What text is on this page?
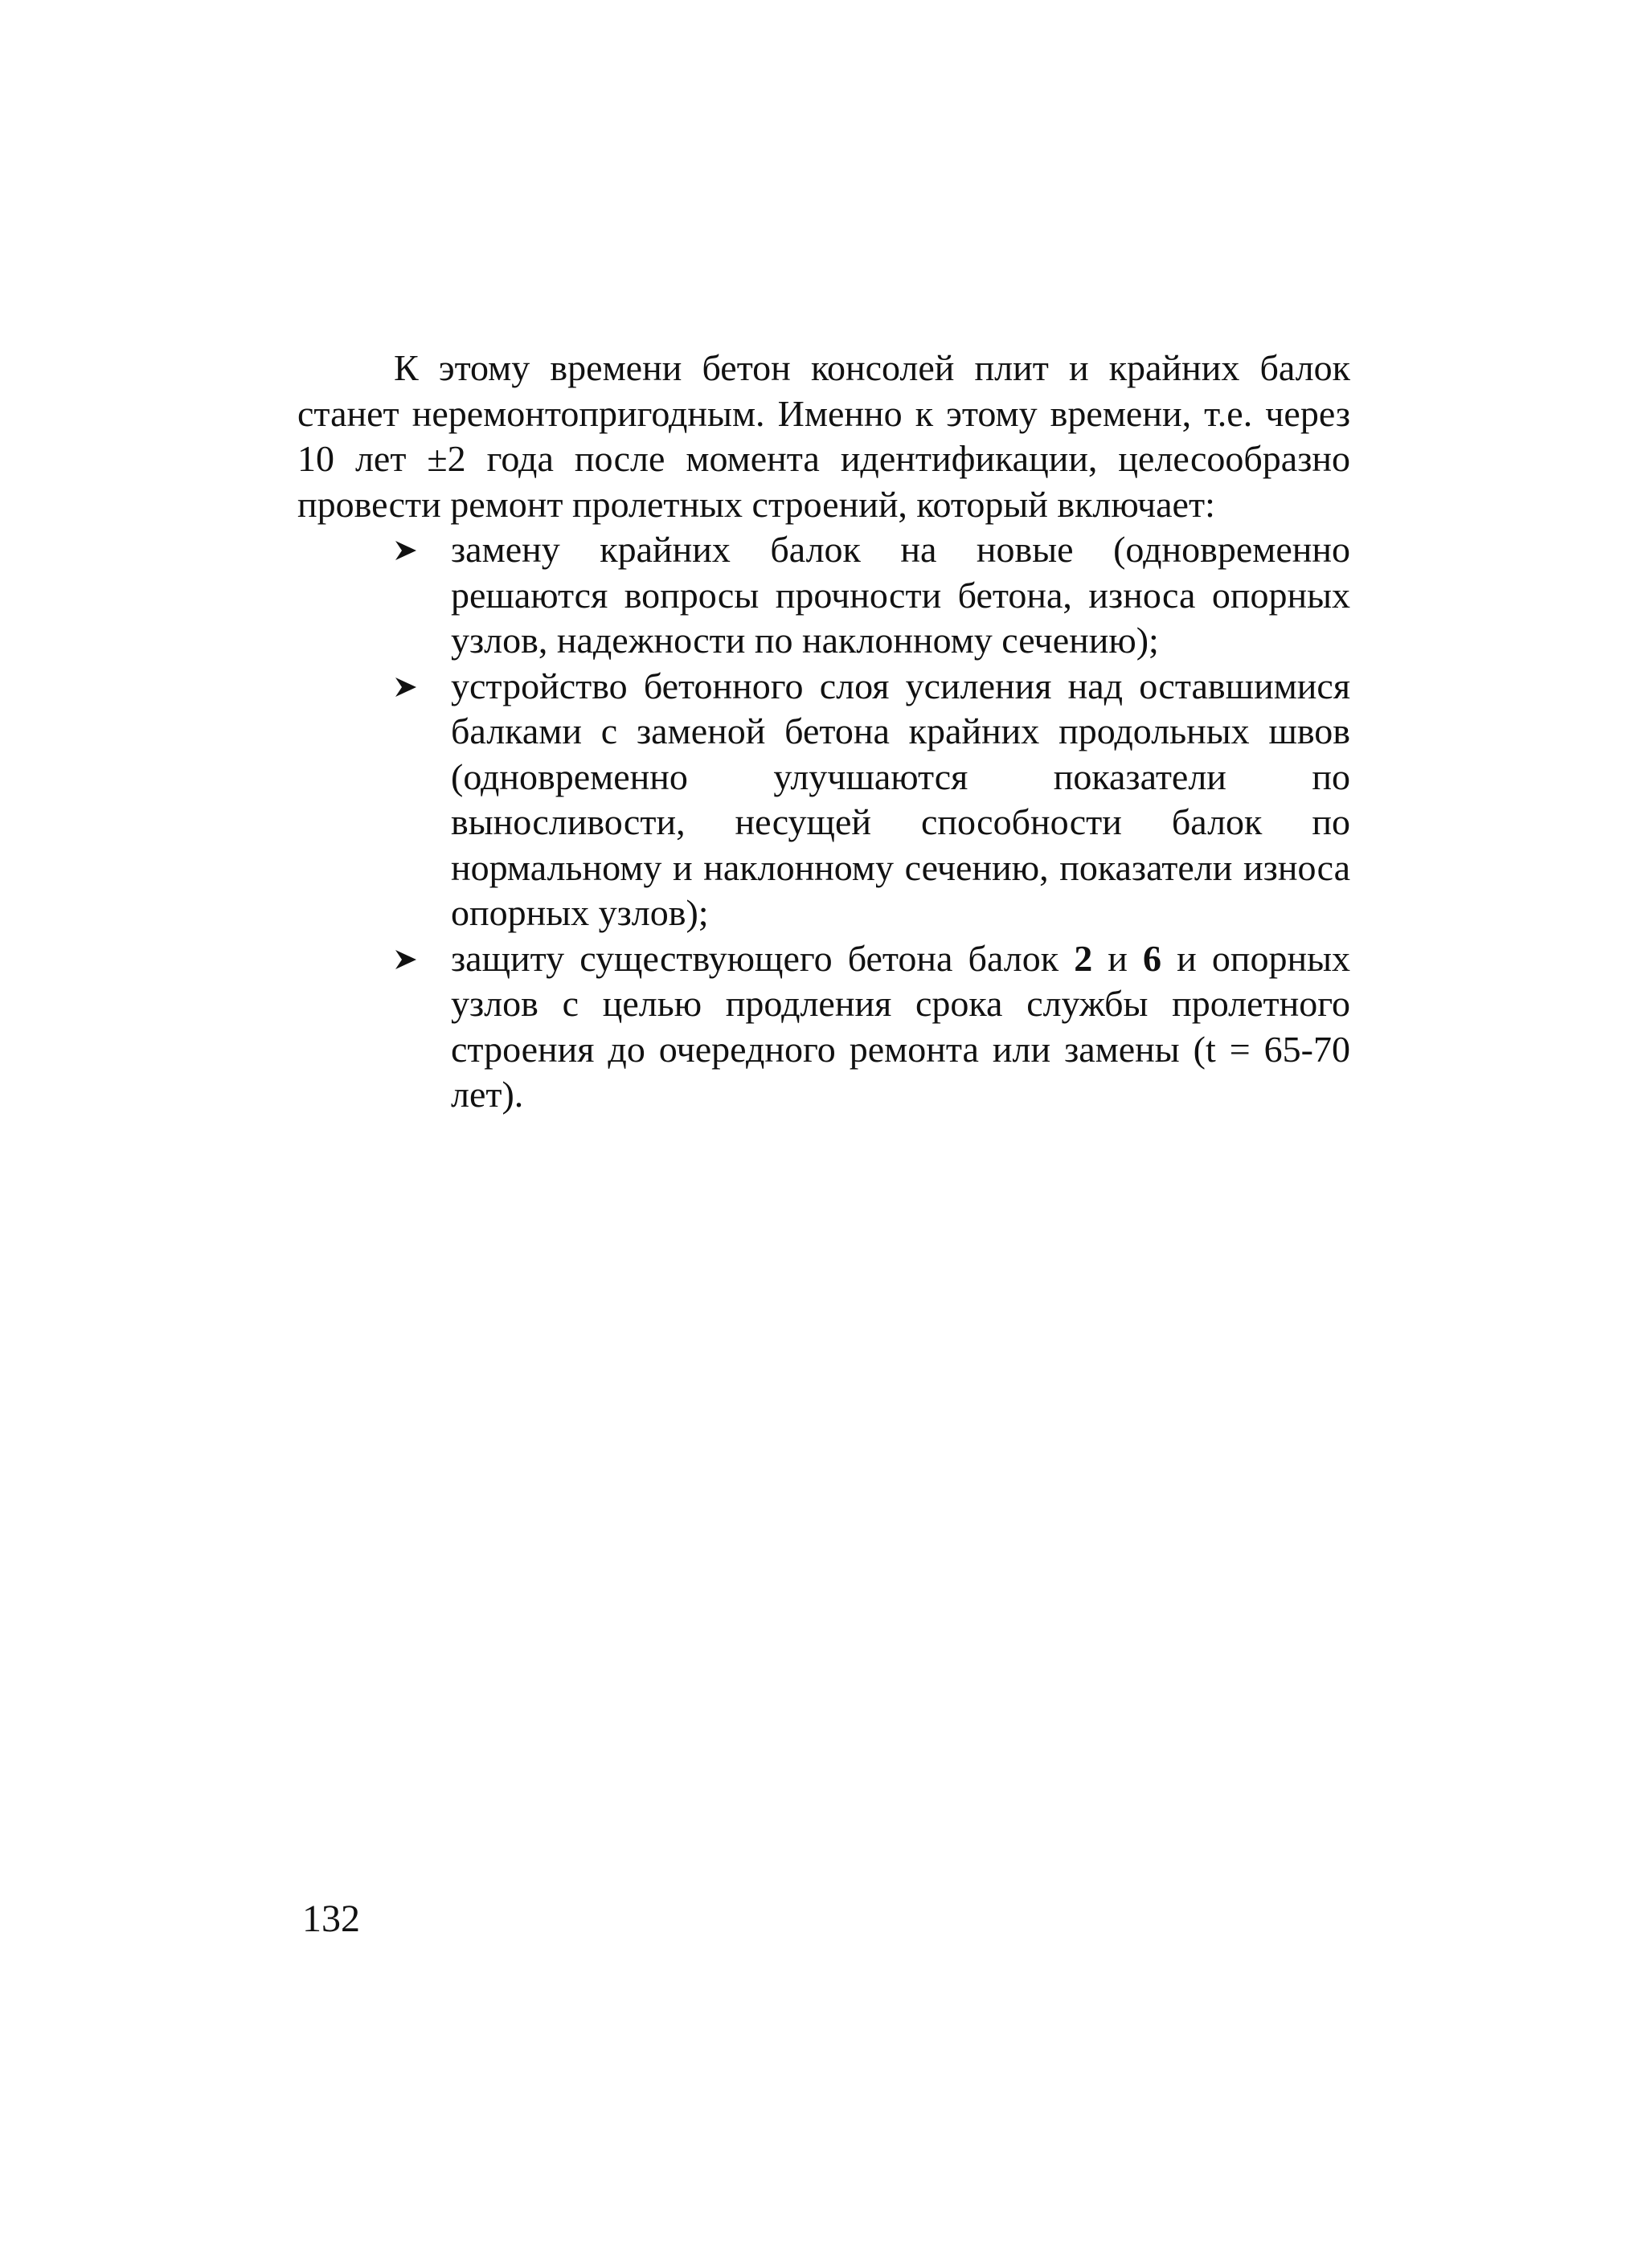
К этому времени бетон консолей плит и крайних балок станет неремонтопригодным. Именно к этому времени, т.е. через 10 лет ±2 года после момента идентификации, целесообразно провести ремонт пролетных строений, который включает:

замену крайних балок на новые (одновременно решаются вопросы прочности бетона, износа опорных узлов, надежности по наклонному сечению);
устройство бетонного слоя усиления над оставшимися балками с заменой бетона крайних продольных швов (одновременно улучшаются показатели по выносливости, несущей способности балок по нормальному и наклонному сечению, показатели износа опорных узлов);
защиту существующего бетона балок 2 и 6 и опорных узлов с целью продления срока службы пролетного строения до очередного ремонта или замены (t = 65-70 лет).
132
